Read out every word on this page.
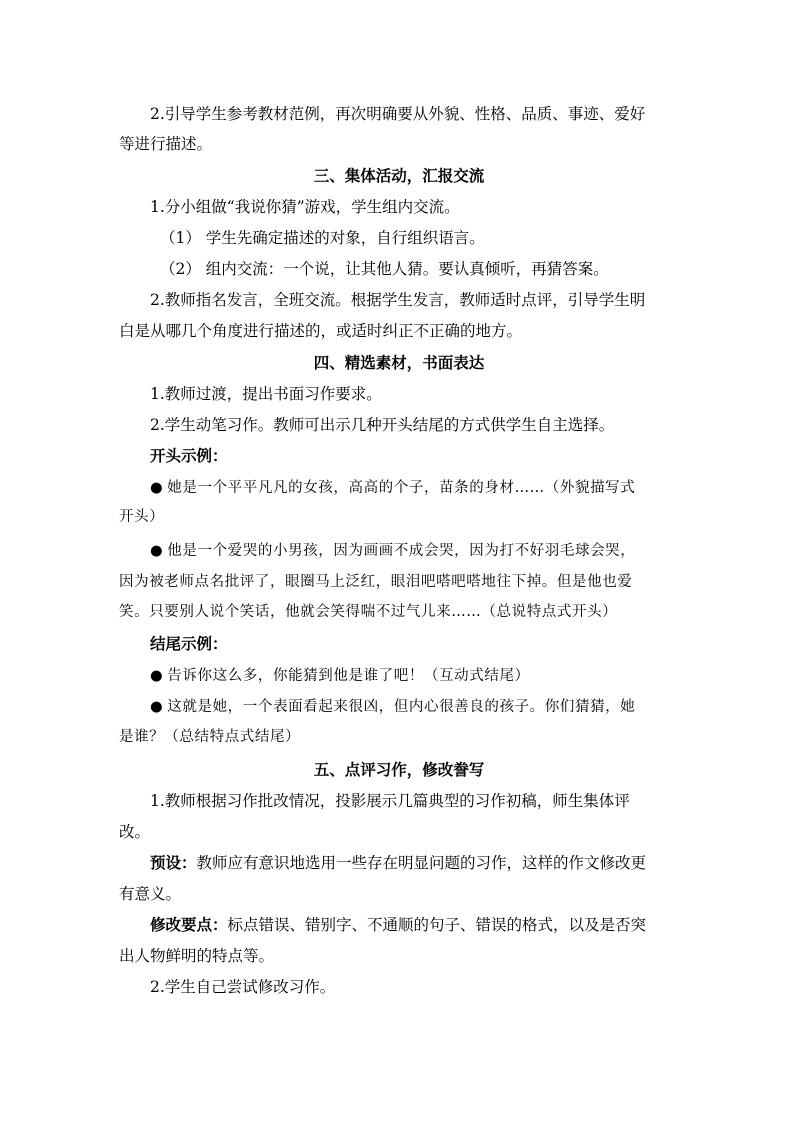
2.引导学生参考教材范例，再次明确要从外貌、性格、品质、事迹、爱好
等进行描述。
三、集体活动，汇报交流
1.分小组做“我说你猜”游戏，学生组内交流。
（1） 学生先确定描述的对象，自行组织语言。
（2） 组内交流：一个说，让其他人猜。要认真倾听，再猜答案。
2.教师指名发言，全班交流。根据学生发言，教师适时点评，引导学生明
白是从哪几个角度进行描述的，或适时纠正不正确的地方。
四、精选素材，书面表达
1.教师过渡，提出书面习作要求。
2.学生动笔习作。教师可出示几种开头结尾的方式供学生自主选择。
开头示例：
● 她是一个平平凡凡的女孩，高高的个子，苗条的身材……（外貌描写式
开头）
● 他是一个爱哭的小男孩，因为画画不成会哭，因为打不好羽毛球会哭，
因为被老师点名批评了，眼圈马上泛红，眼泪吧嗒吧嗒地往下掉。但是他也爱
笑。只要别人说个笑话，他就会笑得喘不过气儿来……（总说特点式开头）
结尾示例：
● 告诉你这么多，你能猜到他是谁了吧！（互动式结尾）
● 这就是她，一个表面看起来很凶，但内心很善良的孩子。你们猜猜，她
是谁？（总结特点式结尾）
五、点评习作，修改誊写
1.教师根据习作批改情况，投影展示几篇典型的习作初稿，师生集体评
改。
预设：教师应有意识地选用一些存在明显问题的习作，这样的作文修改更
有意义。
修改要点：标点错误、错别字、不通顺的句子、错误的格式，以及是否突
出人物鲜明的特点等。
2.学生自己尝试修改习作。
